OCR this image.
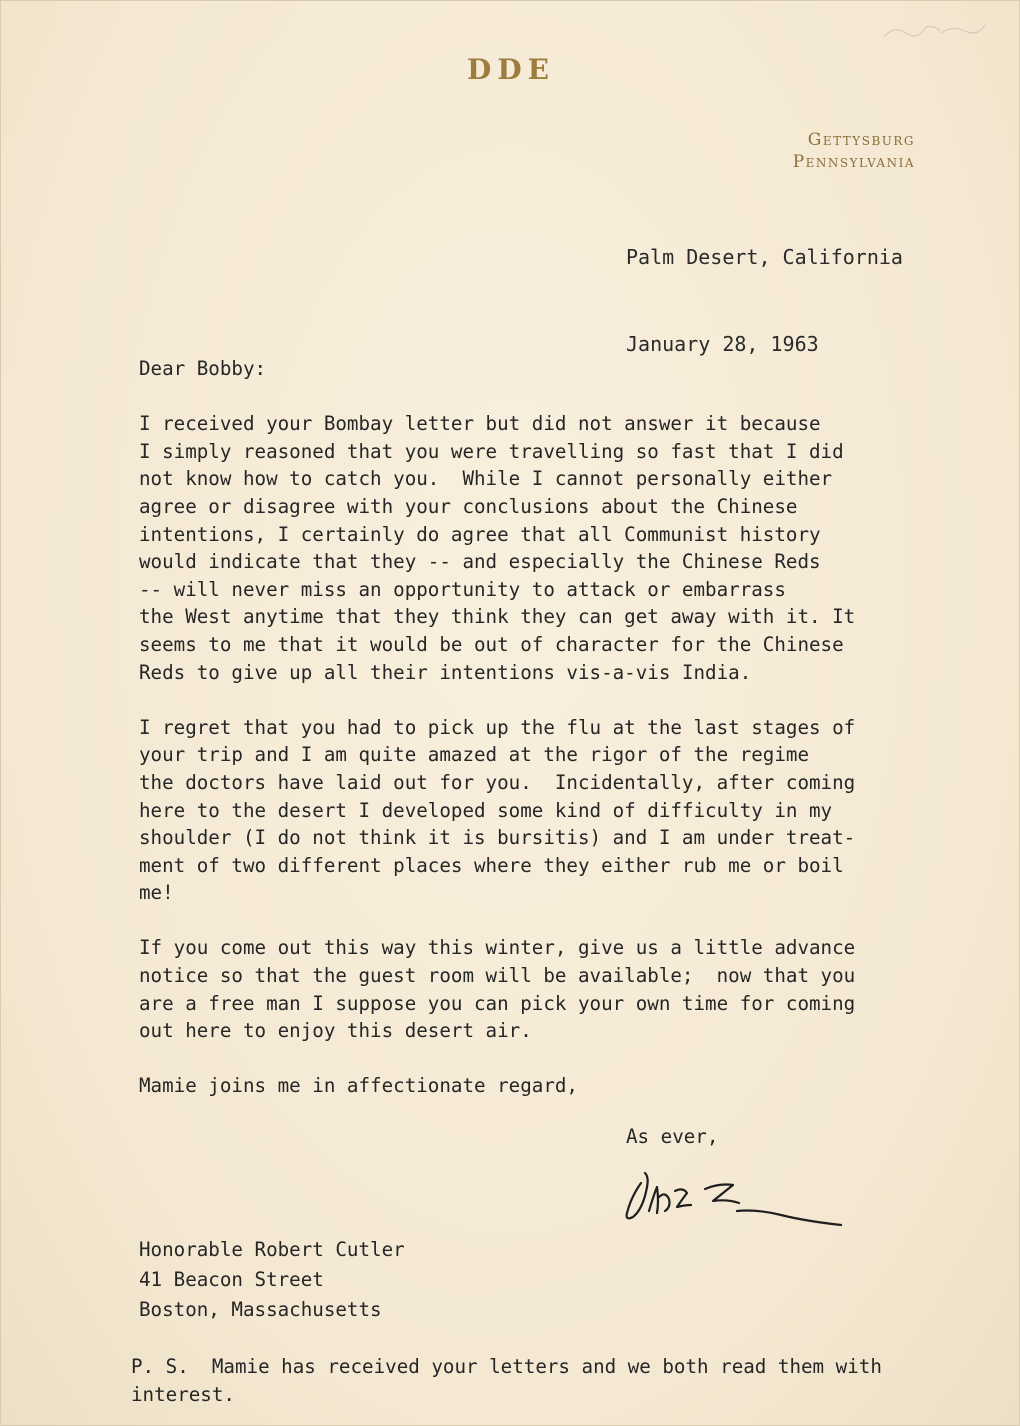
DDE
Gettysburg
Pennsylvania

Palm Desert, California

January 28, 1963

Dear Bobby:

I received your Bombay letter but did not answer it because

I simply reasoned that you were travelling so fast that I did

not know how to catch you.  While I cannot personally either

agree or disagree with your conclusions about the Chinese

intentions, I certainly do agree that all Communist history

would indicate that they -- and especially the Chinese Reds

-- will never miss an opportunity to attack or embarrass

the West anytime that they think they can get away with it. It

seems to me that it would be out of character for the Chinese

Reds to give up all their intentions vis-a-vis India.

I regret that you had to pick up the flu at the last stages of

your trip and I am quite amazed at the rigor of the regime

the doctors have laid out for you.  Incidentally, after coming

here to the desert I developed some kind of difficulty in my

shoulder (I do not think it is bursitis) and I am under treat-

ment of two different places where they either rub me or boil

me!

If you come out this way this winter, give us a little advance

notice so that the guest room will be available;  now that you

are a free man I suppose you can pick your own time for coming

out here to enjoy this desert air.

Mamie joins me in affectionate regard,

As ever,
Honorable Robert Cutler
41 Beacon Street
Boston, Massachusetts
P. S.  Mamie has received your letters and we both read them with
interest.
